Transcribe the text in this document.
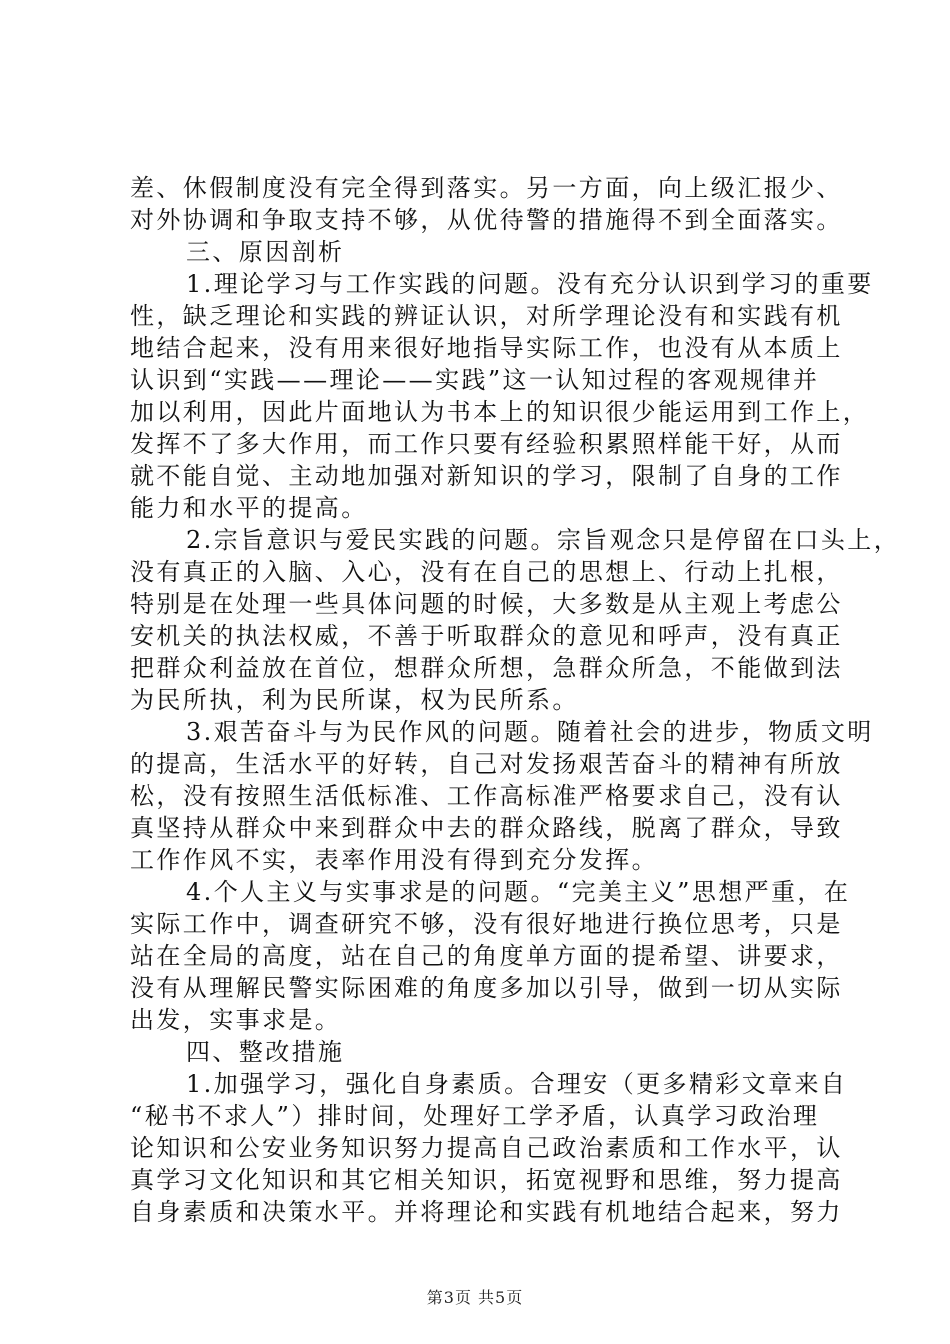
差、休假制度没有完全得到落实。另一方面，向上级汇报少、
对外协调和争取支持不够，从优待警的措施得不到全面落实。
三、原因剖析
1.理论学习与工作实践的问题。没有充分认识到学习的重要
性，缺乏理论和实践的辨证认识，对所学理论没有和实践有机
地结合起来，没有用来很好地指导实际工作，也没有从本质上
认识到“实践——理论——实践”这一认知过程的客观规律并
加以利用，因此片面地认为书本上的知识很少能运用到工作上，
发挥不了多大作用，而工作只要有经验积累照样能干好，从而
就不能自觉、主动地加强对新知识的学习，限制了自身的工作
能力和水平的提高。
2.宗旨意识与爱民实践的问题。宗旨观念只是停留在口头上，
没有真正的入脑、入心，没有在自己的思想上、行动上扎根，
特别是在处理一些具体问题的时候，大多数是从主观上考虑公
安机关的执法权威，不善于听取群众的意见和呼声，没有真正
把群众利益放在首位，想群众所想，急群众所急，不能做到法
为民所执，利为民所谋，权为民所系。
3.艰苦奋斗与为民作风的问题。随着社会的进步，物质文明
的提高，生活水平的好转，自己对发扬艰苦奋斗的精神有所放
松，没有按照生活低标准、工作高标准严格要求自己，没有认
真坚持从群众中来到群众中去的群众路线，脱离了群众，导致
工作作风不实，表率作用没有得到充分发挥。
4.个人主义与实事求是的问题。“完美主义”思想严重，在
实际工作中，调查研究不够，没有很好地进行换位思考，只是
站在全局的高度，站在自己的角度单方面的提希望、讲要求，
没有从理解民警实际困难的角度多加以引导，做到一切从实际
出发，实事求是。
四、整改措施
1.加强学习，强化自身素质。合理安（更多精彩文章来自
“秘书不求人”）排时间，处理好工学矛盾，认真学习政治理
论知识和公安业务知识努力提高自己政治素质和工作水平，认
真学习文化知识和其它相关知识，拓宽视野和思维，努力提高
自身素质和决策水平。并将理论和实践有机地结合起来，努力
第3页 共5页
